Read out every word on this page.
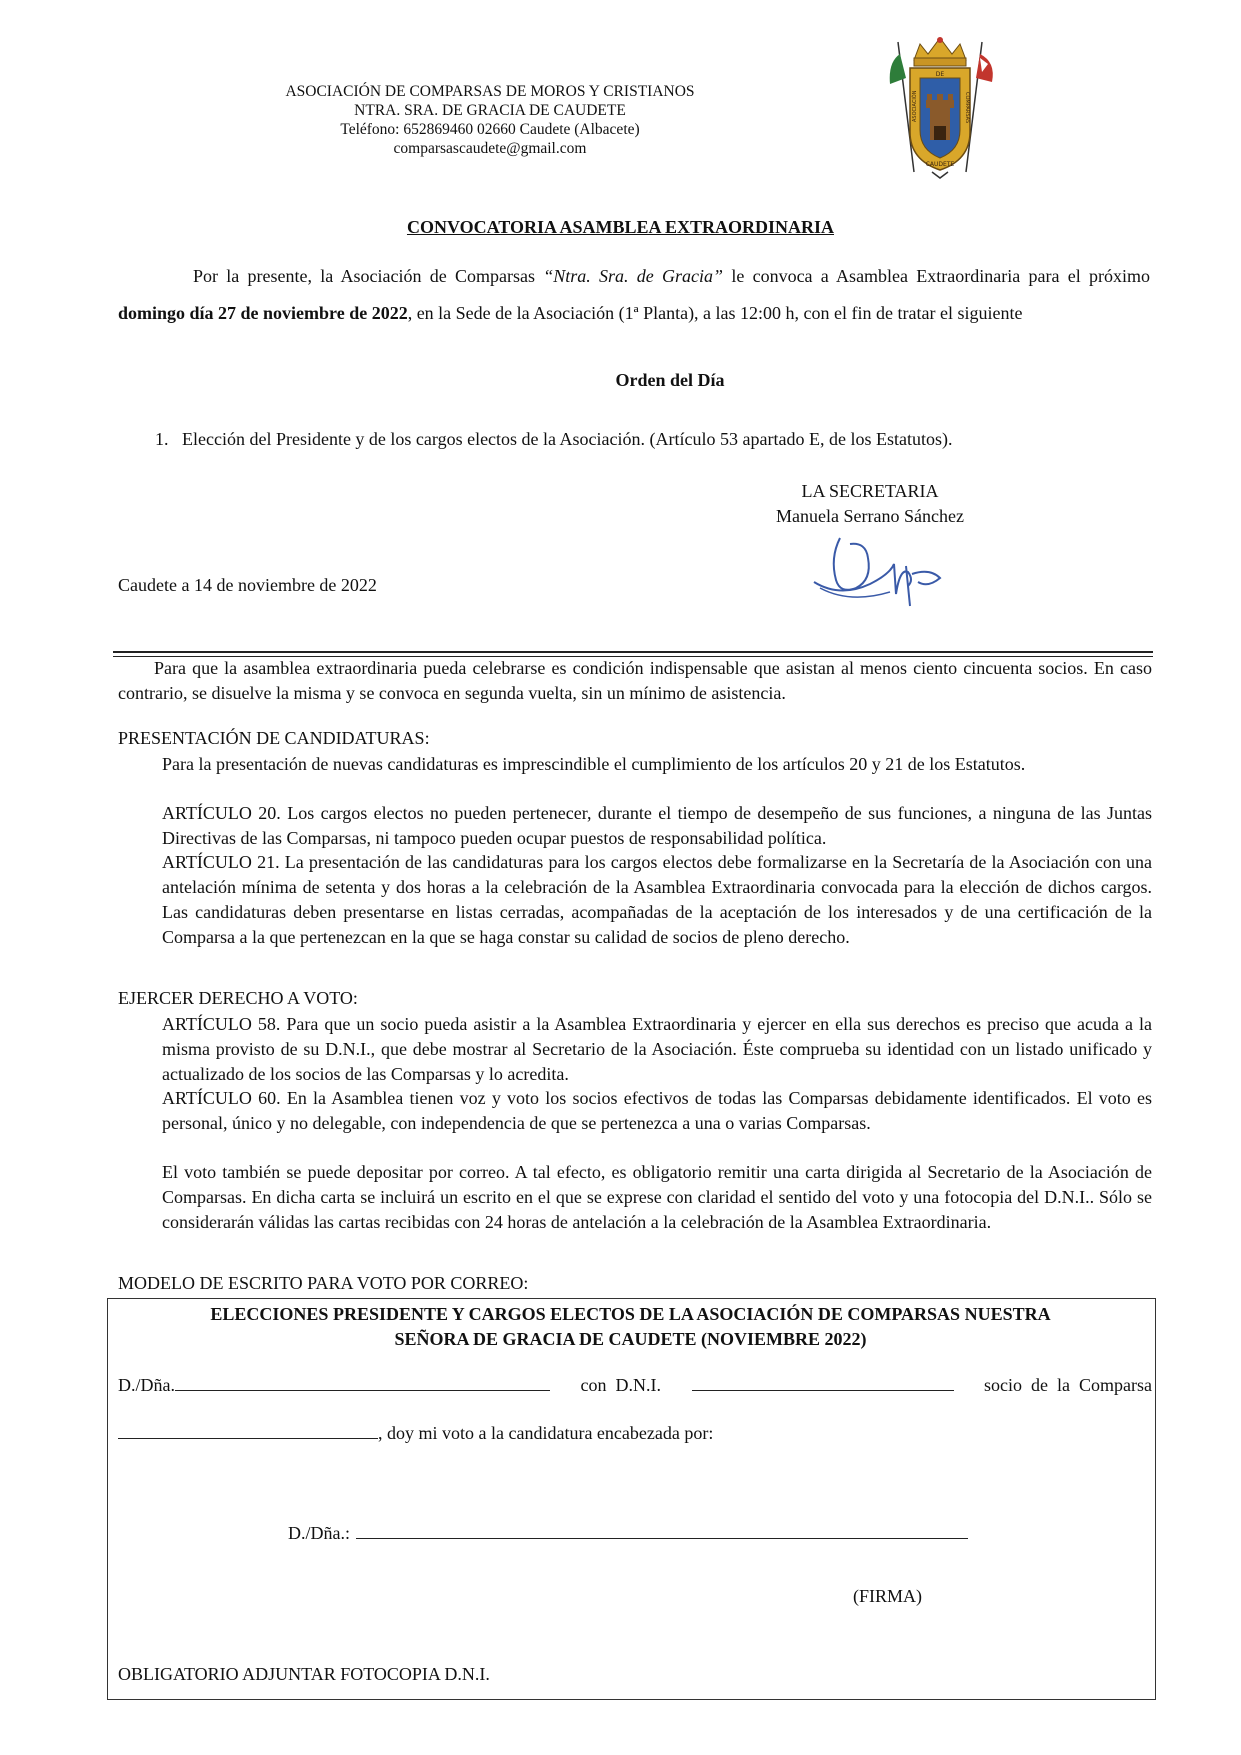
ASOCIACIÓN DE COMPARSAS DE MOROS Y CRISTIANOS
NTRA. SRA. DE GRACIA DE CAUDETE
Teléfono: 652869460 02660 Caudete (Albacete)
comparsascaudete@gmail.com
DE
CAUDETE
ASOCIACIÓN	COMPARSAS
CONVOCATORIA ASAMBLEA EXTRAORDINARIA
Por la presente, la Asociación de Comparsas “Ntra. Sra. de Gracia” le convoca a Asamblea Extraordinaria para el próximo domingo día 27 de noviembre de 2022, en la Sede de la Asociación (1ª Planta), a las 12:00 h, con el fin de tratar el siguiente
Orden del Día
1.   Elección del Presidente y de los cargos electos de la Asociación. (Artículo 53 apartado E, de los Estatutos).
LA SECRETARIA
Manuela Serrano Sánchez
Caudete a 14 de noviembre de 2022
Para que la asamblea extraordinaria pueda celebrarse es condición indispensable que asistan al menos ciento cincuenta socios. En caso contrario, se disuelve la misma y se convoca en segunda vuelta, sin un mínimo de asistencia.
PRESENTACIÓN DE CANDIDATURAS:
Para la presentación de nuevas candidaturas es imprescindible el cumplimiento de los artículos 20 y 21 de los Estatutos.
ARTÍCULO 20. Los cargos electos no pueden pertenecer, durante el tiempo de desempeño de sus funciones, a ninguna de las Juntas Directivas de las Comparsas, ni tampoco pueden ocupar puestos de responsabilidad política.
ARTÍCULO 21. La presentación de las candidaturas para los cargos electos debe formalizarse en la Secretaría de la Asociación con una antelación mínima de setenta y dos horas a la celebración de la Asamblea Extraordinaria convocada para la elección de dichos cargos. Las candidaturas deben presentarse en listas cerradas, acompañadas de la aceptación de los interesados y de una certificación de la Comparsa a la que pertenezcan en la que se haga constar su calidad de socios de pleno derecho.
EJERCER DERECHO A VOTO:
ARTÍCULO 58. Para que un socio pueda asistir a la Asamblea Extraordinaria y ejercer en ella sus derechos es preciso que acuda a la misma provisto de su D.N.I., que debe mostrar al Secretario de la Asociación. Éste comprueba su identidad con un listado unificado y actualizado de los socios de las Comparsas y lo acredita.
ARTÍCULO 60. En la Asamblea tienen voz y voto los socios efectivos de todas las Comparsas debidamente identificados. El voto es personal, único y no delegable, con independencia de que se pertenezca a una o varias Comparsas.
El voto también se puede depositar por correo. A tal efecto, es obligatorio remitir una carta dirigida al Secretario de la Asociación de Comparsas. En dicha carta se incluirá un escrito en el que se exprese con claridad el sentido del voto y una fotocopia del D.N.I.. Sólo se considerarán válidas las cartas recibidas con 24 horas de antelación a la celebración de la Asamblea Extraordinaria.
MODELO DE ESCRITO PARA VOTO POR CORREO:
ELECCIONES PRESIDENTE Y CARGOS ELECTOS DE LA ASOCIACIÓN DE COMPARSAS NUESTRA
SEÑORA DE GRACIA DE CAUDETE (NOVIEMBRE 2022)
D./Dña.	con  D.N.I.	socio  de  la  Comparsa
, doy mi voto a la candidatura encabezada por:
D./Dña.:
(FIRMA)
OBLIGATORIO ADJUNTAR FOTOCOPIA D.N.I.
